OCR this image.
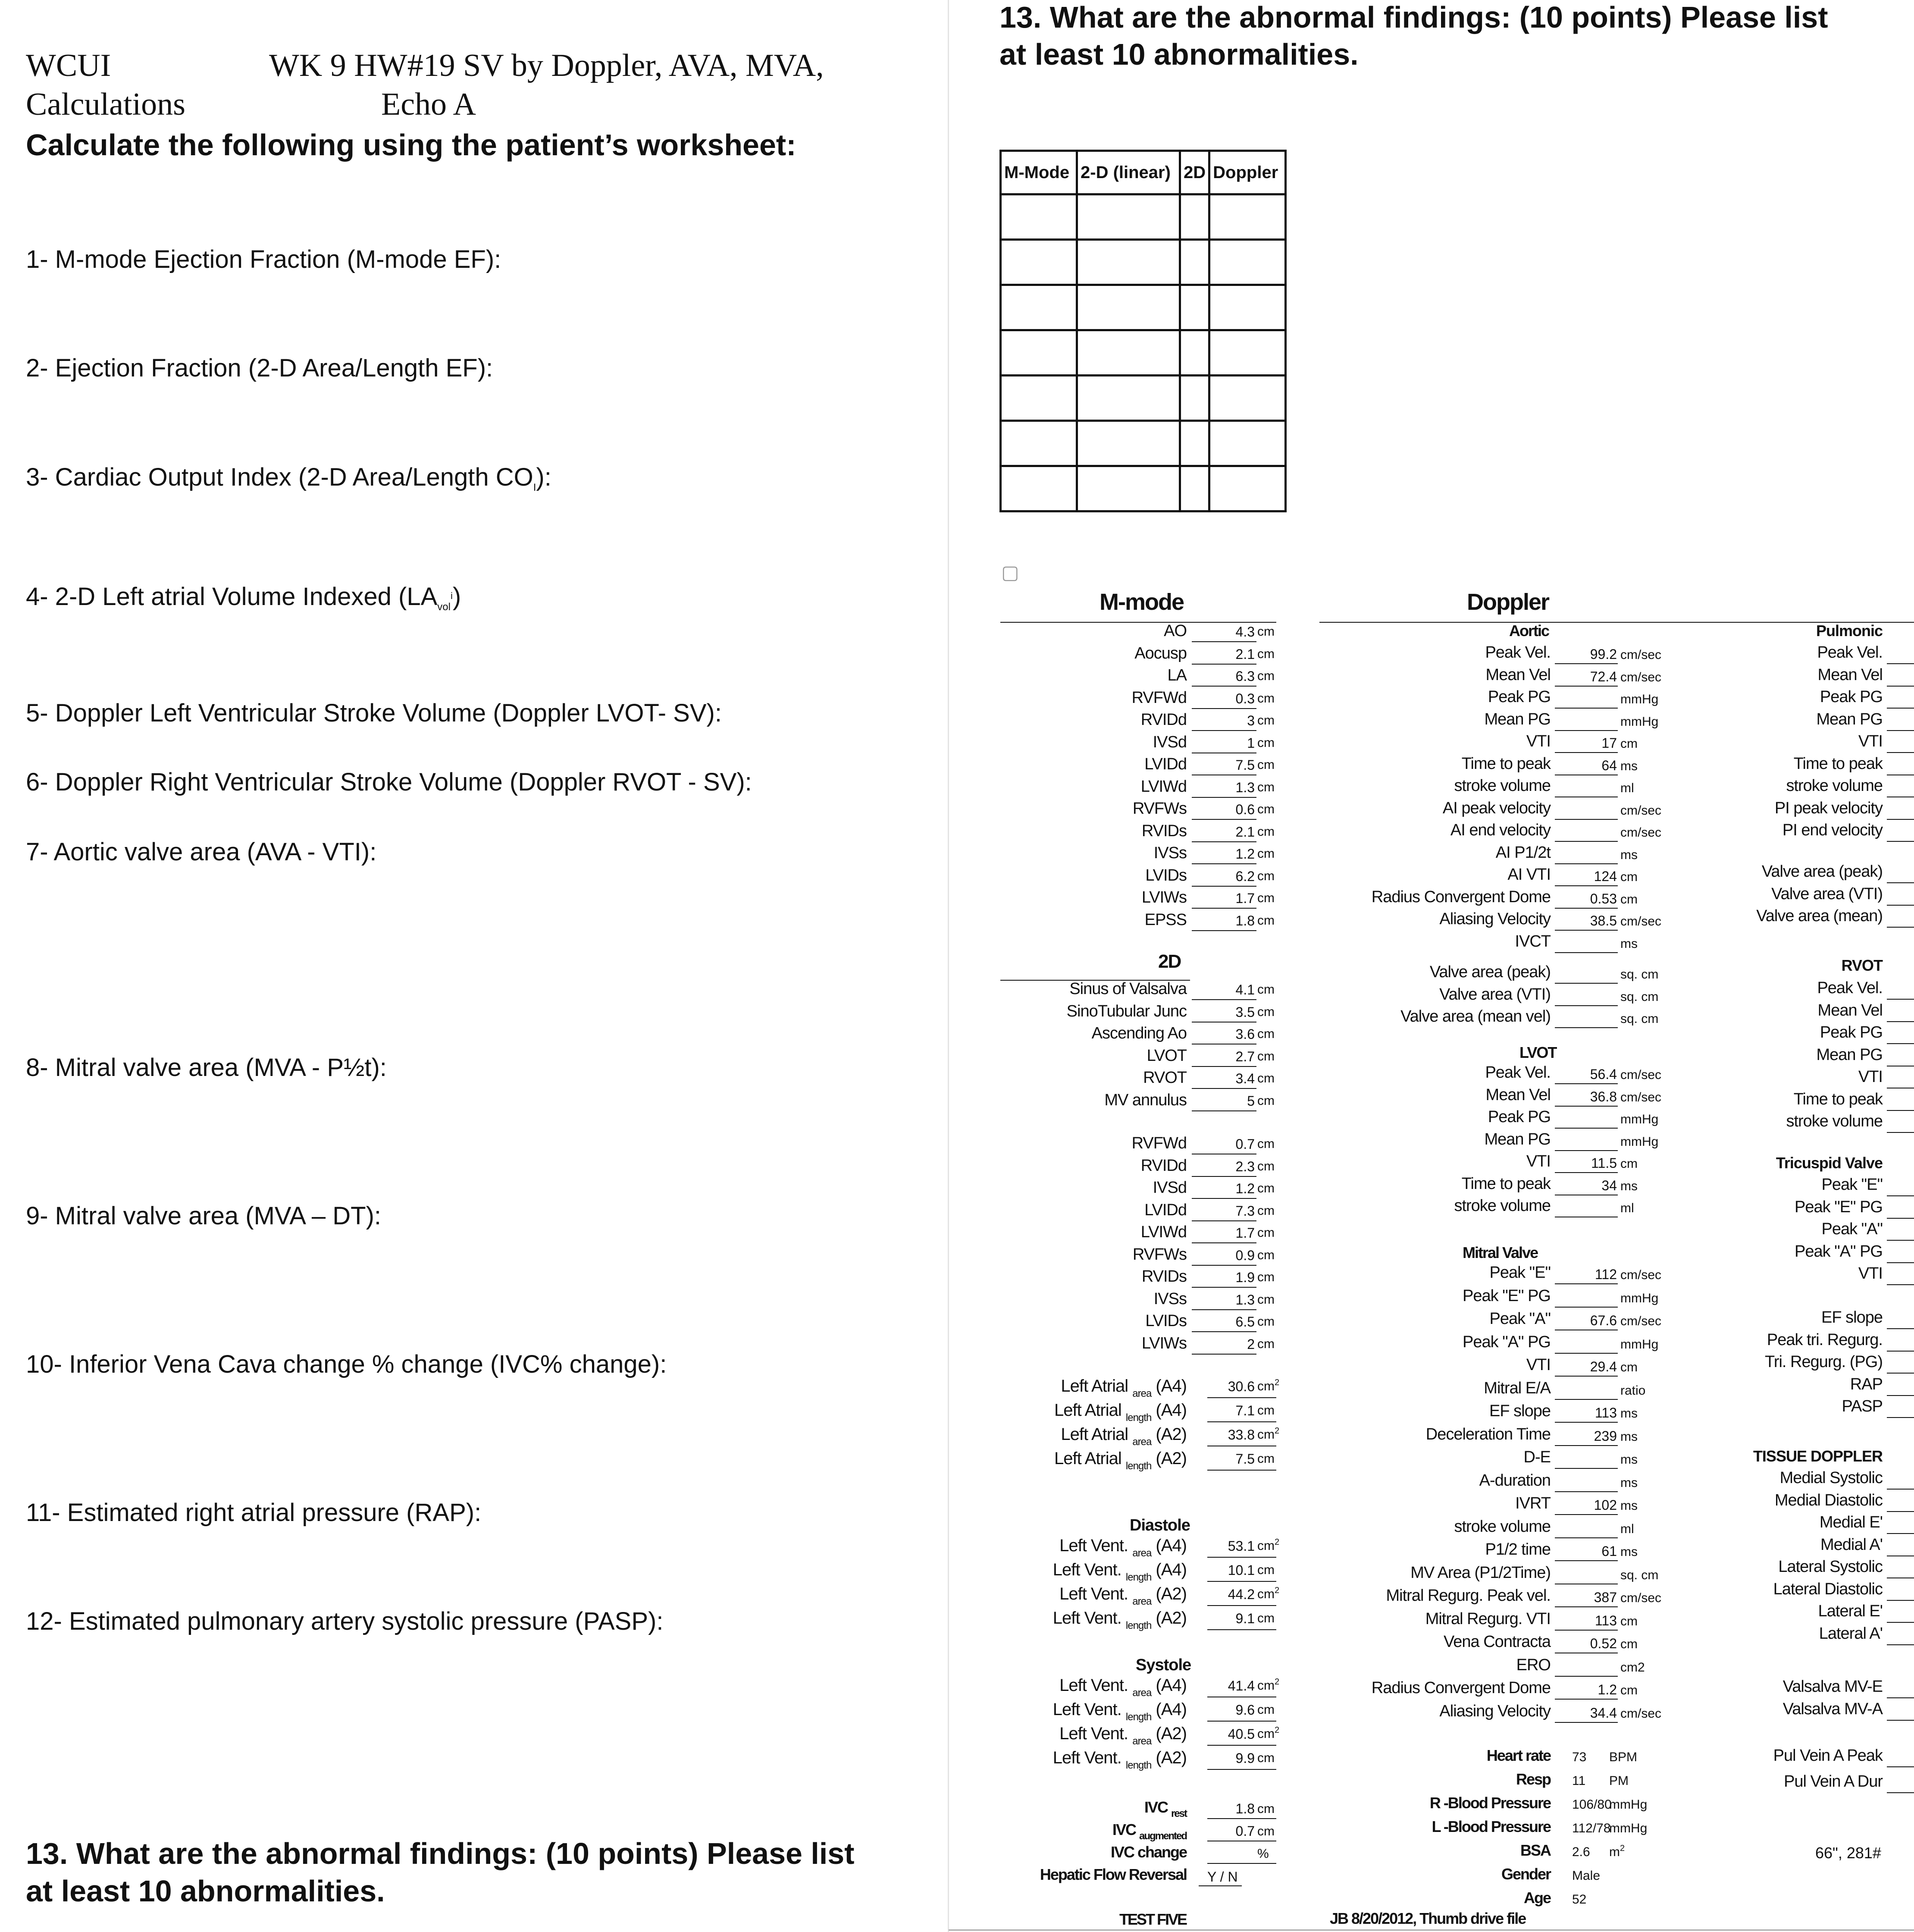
WCUI
Calculations
WK 9 HW#19 SV by Doppler, AVA, MVA,
Echo A
Calculate the following using the patient’s worksheet:
1- M-mode Ejection Fraction (M-mode EF):
2- Ejection Fraction (2-D Area/Length EF):
3- Cardiac Output Index (2-D Area/Length $CO_I$):
4- 2-D Left atrial Volume Indexed $(LA_{vol}^i)$
5- Doppler Left Ventricular Stroke Volume (Doppler LVOT- SV):
6- Doppler Right Ventricular Stroke Volume (Doppler RVOT - SV):
7- Aortic valve area (AVA - VTI):
8- Mitral valve area (MVA - P½t):
9- Mitral valve area (MVA – DT):
10- Inferior Vena Cava change % change (IVC% change):
11- Estimated right atrial pressure (RAP):
12- Estimated pulmonary artery systolic pressure (PASP):
13. What are the abnormal findings: (10 points) Please list
at least 10 abnormalities.
13. What are the abnormal findings: (10 points) Please list
at least 10 abnormalities.
M-Mode	2-D (linear)	2D	Doppler

▢
M-mode
AO	4.3 cm
Aocusp	2.1 cm
LA	6.3 cm
RVFWd	0.3 cm
RVIDd	3 cm
IVSd	1 cm
LVIDd	7.5 cm
LVIWd	1.3 cm
RVFWs	0.6 cm
RVIDs	2.1 cm
IVSs	1.2 cm
LVIDs	6.2 cm
LVIWs	1.7 cm
EPSS	1.8 cm
2D
Sinus of Valsalva	4.1 cm
SinoTubular Junc	3.5 cm
Ascending Ao	3.6 cm
LVOT	2.7 cm
RVOT	3.4 cm
MV annulus	5 cm
RVFWd	0.7 cm
RVIDd	2.3 cm
IVSd	1.2 cm
LVIDd	7.3 cm
LVIWd	1.7 cm
RVFWs	0.9 cm
RVIDs	1.9 cm
IVSs	1.3 cm
LVIDs	6.5 cm
LVIWs	2 cm
Left Atrial $_{area}$ (A4)	30.6 $cm^2$
Left Atrial $_{length}$ (A4)	7.1 cm
Left Atrial $_{area}$ (A2)	33.8 $cm^2$
Left Atrial $_{length}$ (A2)	7.5 cm
Diastole
Left Vent. $_{area}$ (A4)	53.1 $cm^2$
Left Vent. $_{length}$ (A4)	10.1 cm
Left Vent. $_{area}$ (A2)	44.2 $cm^2$
Left Vent. $_{length}$ (A2)	9.1 cm
Systole
Left Vent. $_{area}$ (A4)	41.4 $cm^2$
Left Vent. $_{length}$ (A4)	9.6 cm
Left Vent. $_{area}$ (A2)	40.5 $cm^2$
Left Vent. $_{length}$ (A2)	9.9 cm
IVC $_{rest}$	1.8 cm
IVC $_{augmented}$	0.7 cm
IVC change	%
Hepatic Flow Reversal Y / N
TEST FIVE
Doppler
Aortic
Peak Vel.	99.2 cm/sec
Mean Vel	72.4 cm/sec
Peak PG	mmHg
Mean PG	mmHg
VTI	17 cm
Time to peak	64 ms
stroke volume	ml
AI peak velocity	cm/sec
AI end velocity	cm/sec
AI P1/2t	ms
AI VTI	124 cm
Radius Convergent Dome	0.53 cm
Aliasing Velocity	38.5 cm/sec
IVCT	ms
Valve area (peak)	sq. cm
Valve area (VTI)	sq. cm
Valve area (mean vel)	sq. cm
LVOT
Peak Vel.	56.4 cm/sec
Mean Vel	36.8 cm/sec
Peak PG	mmHg
Mean PG	mmHg
VTI	11.5 cm
Time to peak	34 ms
stroke volume	ml
Mitral Valve
Peak "E"	112 cm/sec
Peak "E" PG	mmHg
Peak "A"	67.6 cm/sec
Peak "A" PG	mmHg
VTI	29.4 cm
Mitral E/A	ratio
EF slope	113 ms
Deceleration Time	239 ms
D-E	ms
A-duration	ms
IVRT	102 ms
stroke volume	ml
P1/2 time	61 ms
MV Area (P1/2Time)	sq. cm
Mitral Regurg. Peak vel.	387 cm/sec
Mitral Regurg. VTI	113 cm
Vena Contracta	0.52 cm
ERO	cm2
Radius Convergent Dome	1.2 cm
Aliasing Velocity	34.4 cm/sec
Heart rate 73 BPM
Resp 11 PM
R -Blood Pressure 106/80
mmHg
L -Blood Pressure 112/78
mmHg
BSA 2.6 $m^2$
Gender Male
Age 52
JB 8/20/2012, Thumb drive file
Pulmonic
Peak Vel.
Mean Vel
Peak PG
Mean PG
VTI
Time to peak
stroke volume
PI peak velocity
PI end velocity
Valve area (peak)
Valve area (VTI)
Valve area (mean)
RVOT
Peak Vel.
Mean Vel
Peak PG
Mean PG
VTI
Time to peak
stroke volume
Tricuspid Valve
Peak "E"
Peak "E" PG
Peak "A"
Peak "A" PG
VTI
EF slope
Peak tri. Regurg.
Tri. Regurg. (PG)
RAP
PASP
TISSUE DOPPLER
Medial Systolic
Medial Diastolic
Medial E'
Medial A'
Lateral Systolic
Lateral Diastolic
Lateral E'
Lateral A'
Valsalva MV-E
Valsalva MV-A
Pul Vein A Peak
Pul Vein A Dur
66", 281#
